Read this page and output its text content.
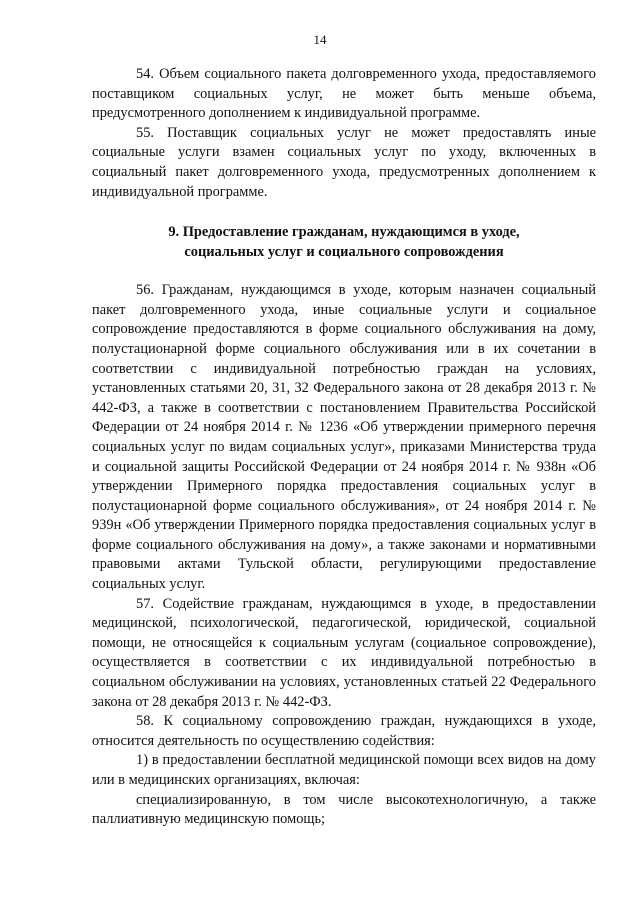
14

54. Объем социального пакета долговременного ухода, предоставляемого поставщиком социальных услуг, не может быть меньше объема, предусмотренного дополнением к индивидуальной программе.

55. Поставщик социальных услуг не может предоставлять иные социальные услуги взамен социальных услуг по уходу, включенных в социальный пакет долговременного ухода, предусмотренных дополнением к индивидуальной программе.

9. Предоставление гражданам, нуждающимся в уходе,
социальных услуг и социального сопровождения

56. Гражданам, нуждающимся в уходе, которым назначен социальный пакет долговременного ухода, иные социальные услуги и социальное сопровождение предоставляются в форме социального обслуживания на дому, полустационарной форме социального обслуживания или в их сочетании в соответствии с индивидуальной потребностью граждан на условиях, установленных статьями 20, 31, 32 Федерального закона от 28 декабря 2013 г. № 442-ФЗ, а также в соответствии с постановлением Правительства Российской Федерации от 24 ноября 2014 г. № 1236 «Об утверждении примерного перечня социальных услуг по видам социальных услуг», приказами Министерства труда и социальной защиты Российской Федерации от 24 ноября 2014 г. № 938н «Об утверждении Примерного порядка предоставления социальных услуг в полустационарной форме социального обслуживания», от 24 ноября 2014 г. № 939н «Об утверждении Примерного порядка предоставления социальных услуг в форме социального обслуживания на дому», а также законами и нормативными правовыми актами Тульской области, регулирующими предоставление социальных услуг.

57. Содействие гражданам, нуждающимся в уходе, в предоставлении медицинской, психологической, педагогической, юридической, социальной помощи, не относящейся к социальным услугам (социальное сопровождение), осуществляется в соответствии с их индивидуальной потребностью в социальном обслуживании на условиях, установленных статьей 22 Федерального закона от 28 декабря 2013 г. № 442-ФЗ.

58. К социальному сопровождению граждан, нуждающихся в уходе, относится деятельность по осуществлению содействия:

1) в предоставлении бесплатной медицинской помощи всех видов на дому или в медицинских организациях, включая:

специализированную, в том числе высокотехнологичную, а также паллиативную медицинскую помощь;
